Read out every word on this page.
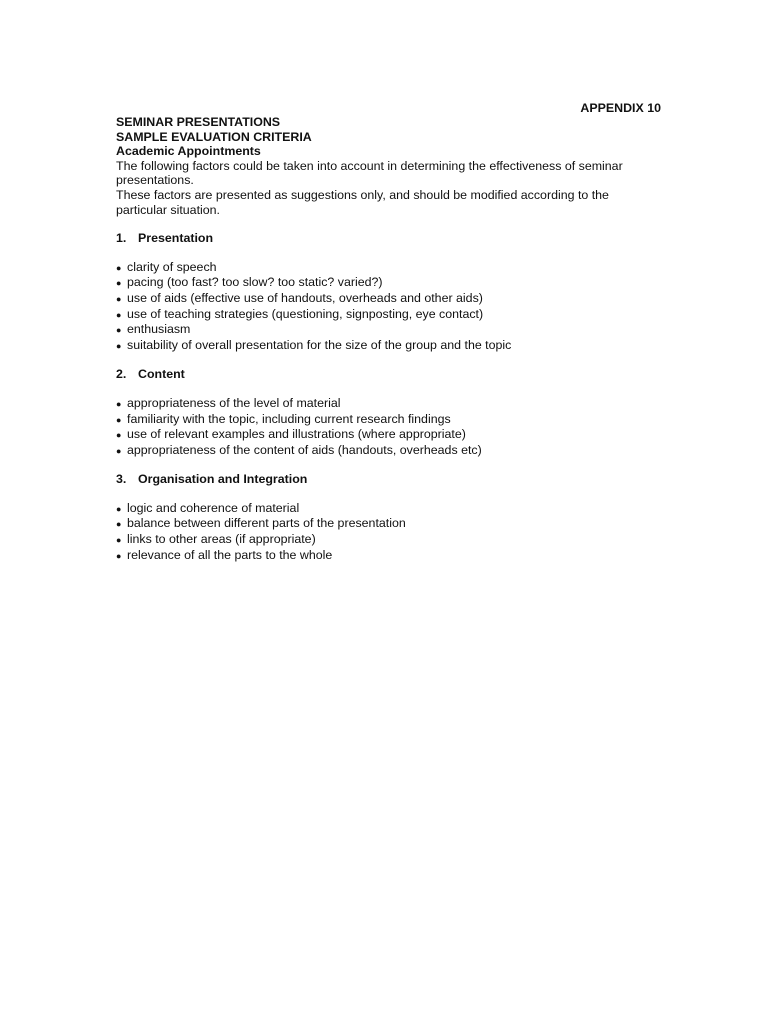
APPENDIX 10

SEMINAR PRESENTATIONS

SAMPLE EVALUATION CRITERIA

Academic Appointments

The following factors could be taken into account in determining the effectiveness of seminar presentations.

These factors are presented as suggestions only, and should be modified according to the particular situation.

1. Presentation
● clarity of speech
● pacing (too fast? too slow? too static? varied?)
● use of aids (effective use of handouts, overheads and other aids)
● use of teaching strategies (questioning, signposting, eye contact)
● enthusiasm
● suitability of overall presentation for the size of the group and the topic
2. Content
● appropriateness of the level of material
● familiarity with the topic, including current research findings
● use of relevant examples and illustrations (where appropriate)
● appropriateness of the content of aids (handouts, overheads etc)
3. Organisation and Integration
● logic and coherence of material
● balance between different parts of the presentation
● links to other areas (if appropriate)
● relevance of all the parts to the whole
